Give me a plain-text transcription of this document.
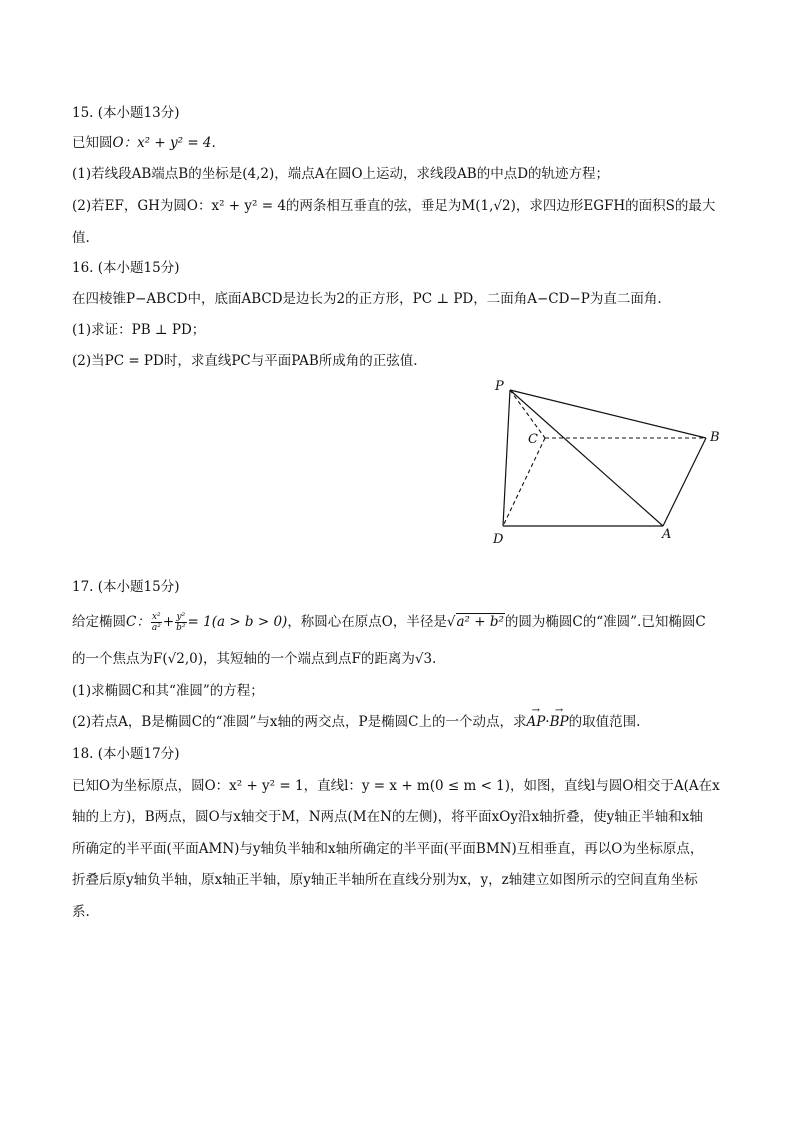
15. (本小题13分)
已知圆O：x² + y² = 4.
(1)若线段AB端点B的坐标是(4,2)，端点A在圆O上运动，求线段AB的中点D的轨迹方程；
(2)若EF，GH为圆O：x² + y² = 4的两条相互垂直的弦，垂足为M(1,√2)，求四边形EGFH的面积S的最大
值.
16. (本小题15分)
在四棱锥P−ABCD中，底面ABCD是边长为2的正方形，PC ⊥ PD，二面角A−CD−P为直二面角.
(1)求证：PB ⊥ PD；
(2)当PC = PD时，求直线PC与平面PAB所成角的正弦值.
P
C	B
D	A
17. (本小题15分)
给定椭圆C： $\frac{\text{x²}}{\text{a²}} + \frac{\text{y²}}{\text{b²}} = 1(a > b > 0)$，称圆心在原点O，半径是√a² + b²的圆为椭圆C的“准圆”.已知椭圆C
的一个焦点为F(√2,0)，其短轴的一个端点到点F的距离为√3.
(1)求椭圆C和其“准圆”的方程；
(2)若点A，B是椭圆C的“准圆”与x轴的两交点，P是椭圆C上的一个动点，求
→
AP·
→
BP的取值范围.
18. (本小题17分)
已知O为坐标原点，圆O：x² + y² = 1，直线l：y = x + m(0 ≤ m < 1)，如图，直线l与圆O相交于A(A在x
轴的上方)，B两点，圆O与x轴交于M，N两点(M在N的左侧)，将平面xOy沿x轴折叠，使y轴正半轴和x轴
所确定的半平面(平面AMN)与y轴负半轴和x轴所确定的半平面(平面BMN)互相垂直，再以O为坐标原点，
折叠后原y轴负半轴，原x轴正半轴，原y轴正半轴所在直线分别为x，y，z轴建立如图所示的空间直角坐标
系.
